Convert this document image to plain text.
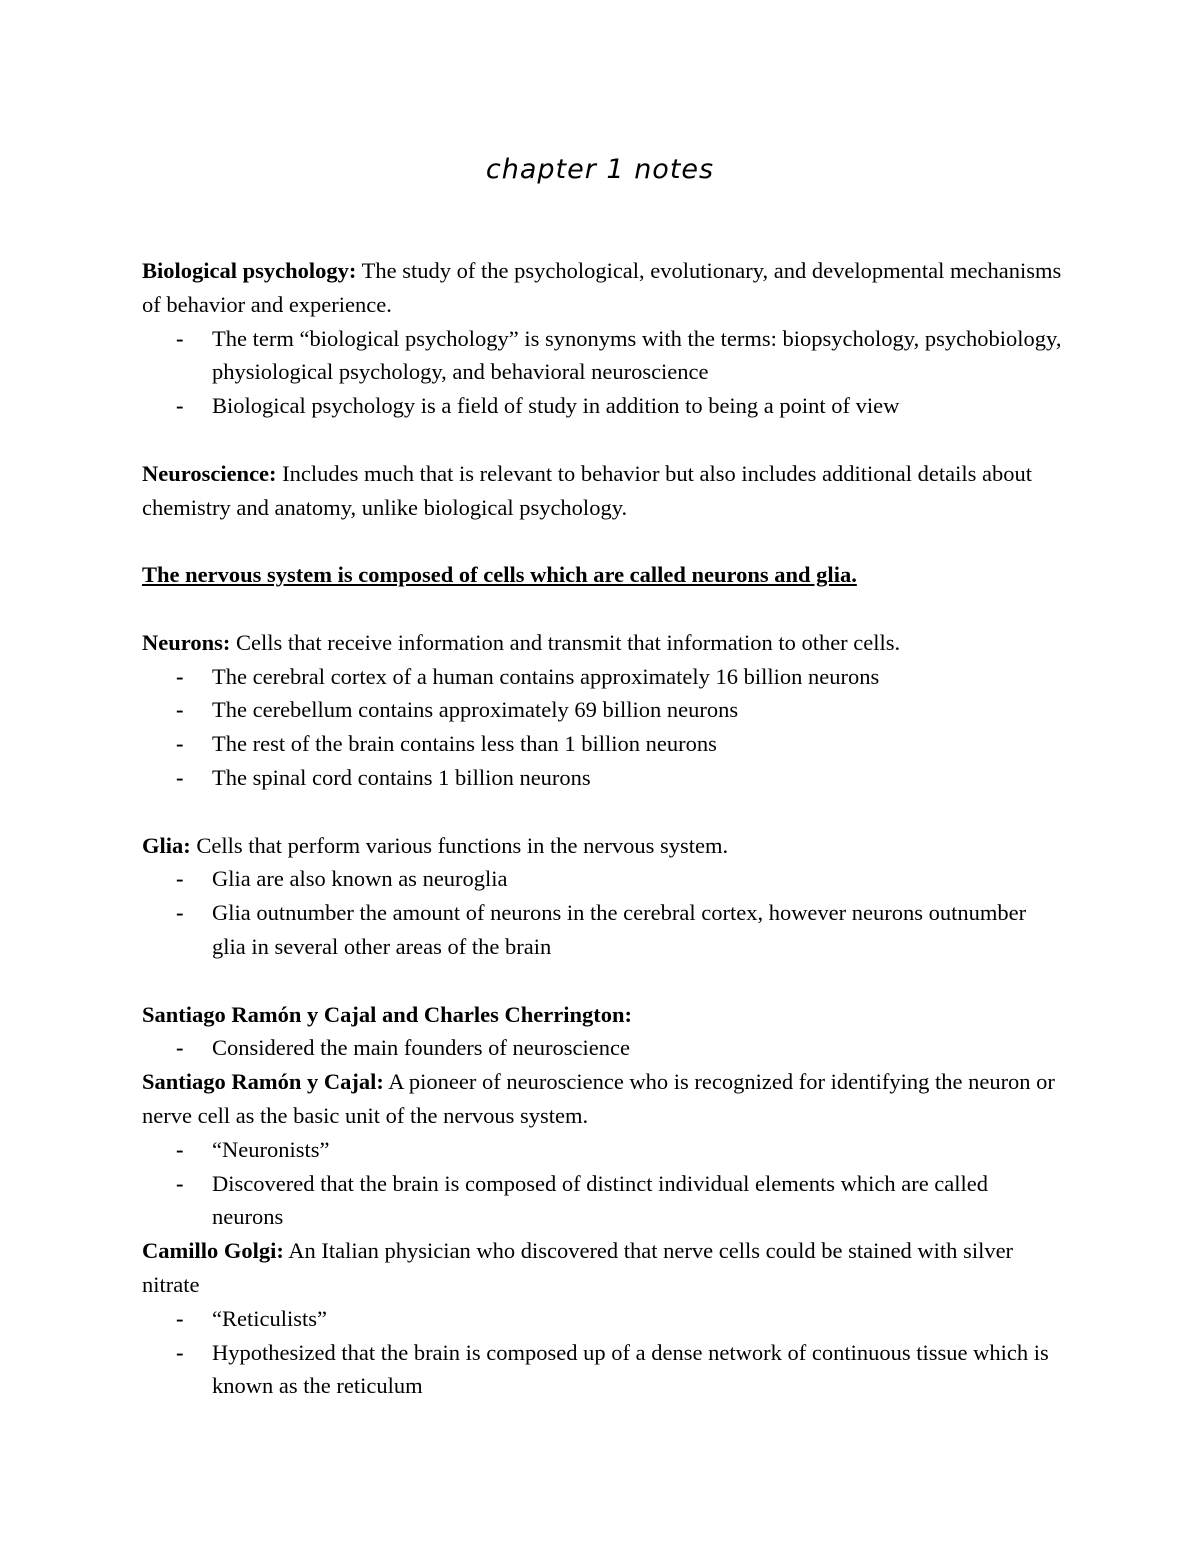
chapter 1 notes

Biological psychology: The study of the psychological, evolutionary, and developmental mechanisms of behavior and experience.

- The term “biological psychology” is synonyms with the terms: biopsychology, psychobiology, physiological psychology, and behavioral neuroscience
- Biological psychology is a field of study in addition to being a point of view

Neuroscience: Includes much that is relevant to behavior but also includes additional details about chemistry and anatomy, unlike biological psychology.

The nervous system is composed of cells which are called neurons and glia.

Neurons: Cells that receive information and transmit that information to other cells.

- The cerebral cortex of a human contains approximately 16 billion neurons
- The cerebellum contains approximately 69 billion neurons
- The rest of the brain contains less than 1 billion neurons
- The spinal cord contains 1 billion neurons

Glia: Cells that perform various functions in the nervous system.

- Glia are also known as neuroglia
- Glia outnumber the amount of neurons in the cerebral cortex, however neurons outnumber glia in several other areas of the brain

Santiago Ramón y Cajal and Charles Cherrington:

- Considered the main founders of neuroscience

Santiago Ramón y Cajal: A pioneer of neuroscience who is recognized for identifying the neuron or nerve cell as the basic unit of the nervous system.

- “Neuronists”
- Discovered that the brain is composed of distinct individual elements which are called neurons

Camillo Golgi: An Italian physician who discovered that nerve cells could be stained with silver nitrate

- “Reticulists”
- Hypothesized that the brain is composed up of a dense network of continuous tissue which is known as the reticulum
